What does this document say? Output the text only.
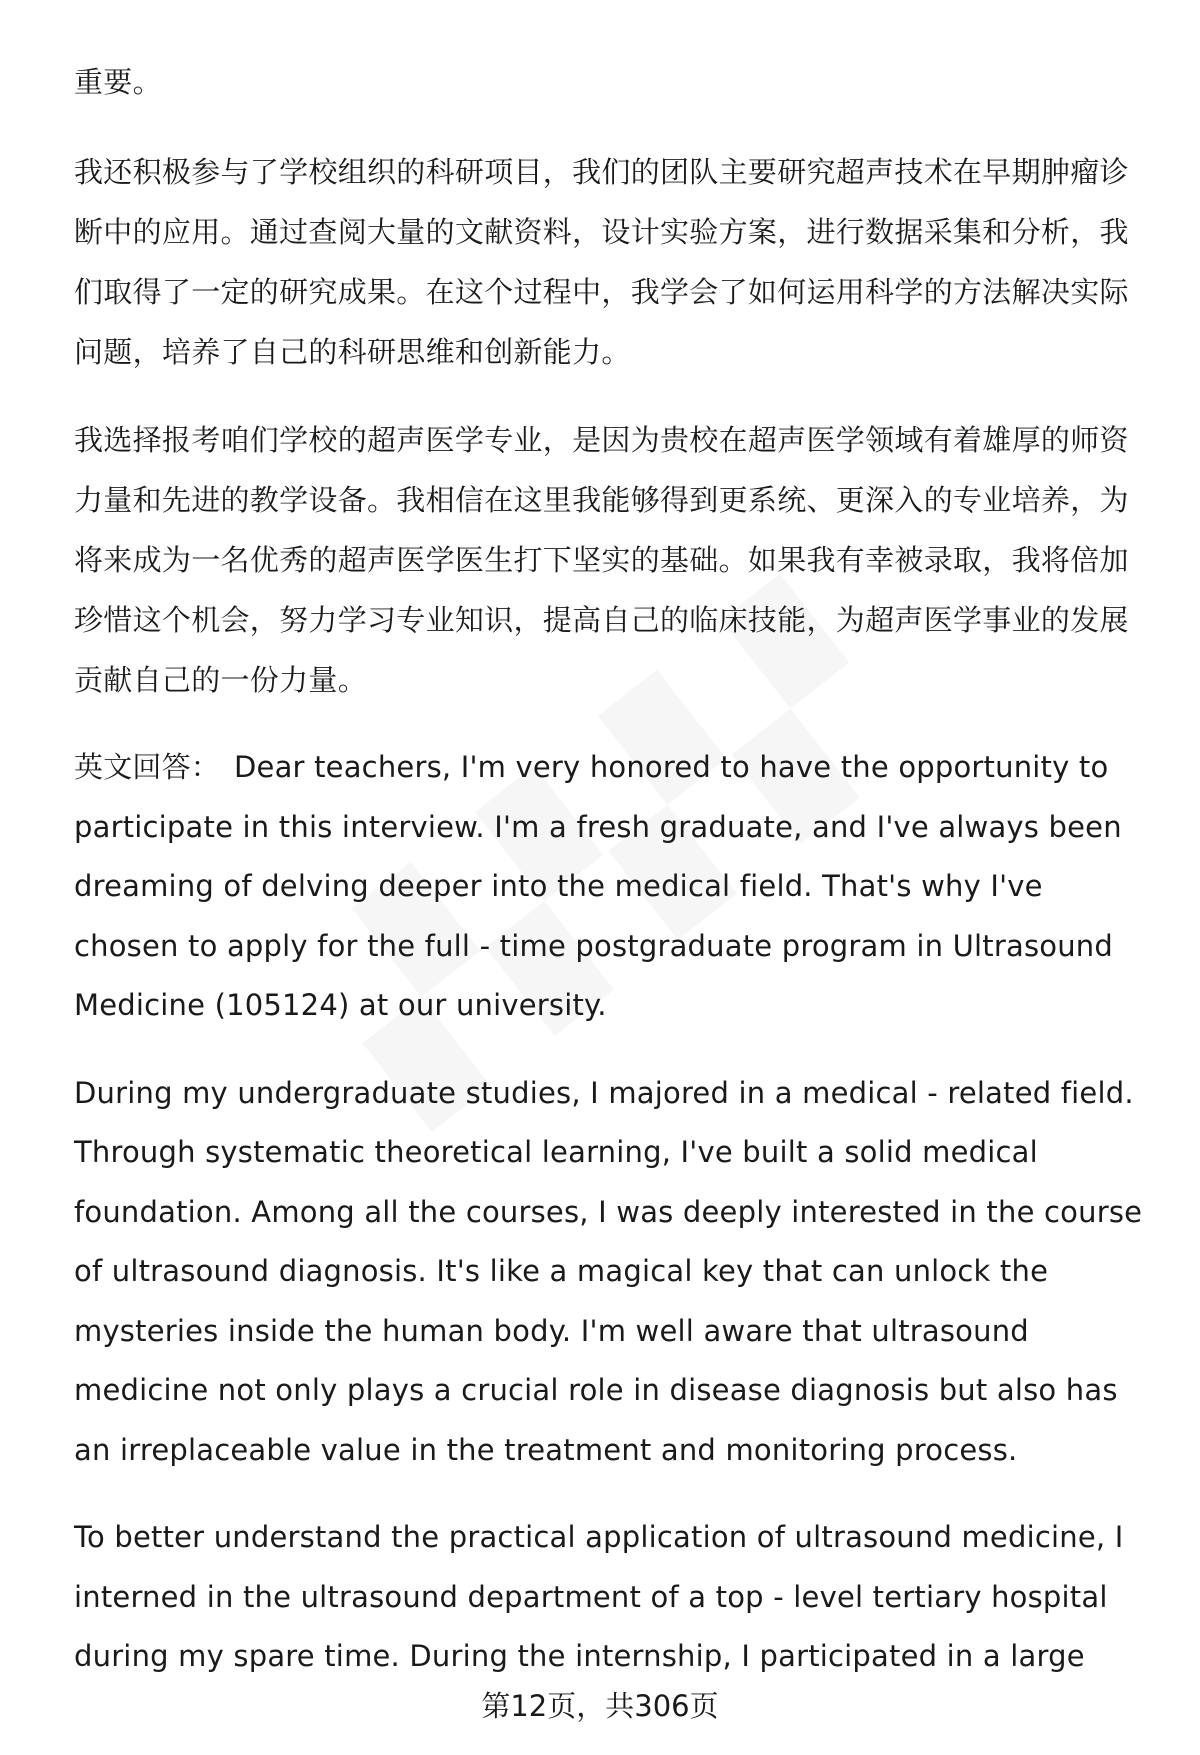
重要。

我还积极参与了学校组织的科研项目，我们的团队主要研究超声技术在早期肿瘤诊断中的应用。通过查阅大量的文献资料，设计实验方案，进行数据采集和分析，我们取得了一定的研究成果。在这个过程中，我学会了如何运用科学的方法解决实际问题，培养了自己的科研思维和创新能力。

我选择报考咱们学校的超声医学专业，是因为贵校在超声医学领域有着雄厚的师资力量和先进的教学设备。我相信在这里我能够得到更系统、更深入的专业培养，为将来成为一名优秀的超声医学医生打下坚实的基础。如果我有幸被录取，我将倍加珍惜这个机会，努力学习专业知识，提高自己的临床技能，为超声医学事业的发展贡献自己的一份力量。

英文回答： Dear teachers, I'm very honored to have the opportunity to participate in this interview. I'm a fresh graduate, and I've always been dreaming of delving deeper into the medical field. That's why I've chosen to apply for the full - time postgraduate program in Ultrasound Medicine (105124) at our university.

During my undergraduate studies, I majored in a medical - related field. Through systematic theoretical learning, I've built a solid medical foundation. Among all the courses, I was deeply interested in the course of ultrasound diagnosis. It's like a magical key that can unlock the mysteries inside the human body. I'm well aware that ultrasound medicine not only plays a crucial role in disease diagnosis but also has an irreplaceable value in the treatment and monitoring process.

To better understand the practical application of ultrasound medicine, I interned in the ultrasound department of a top - level tertiary hospital during my spare time. During the internship, I participated in a large

第12页，共306页
